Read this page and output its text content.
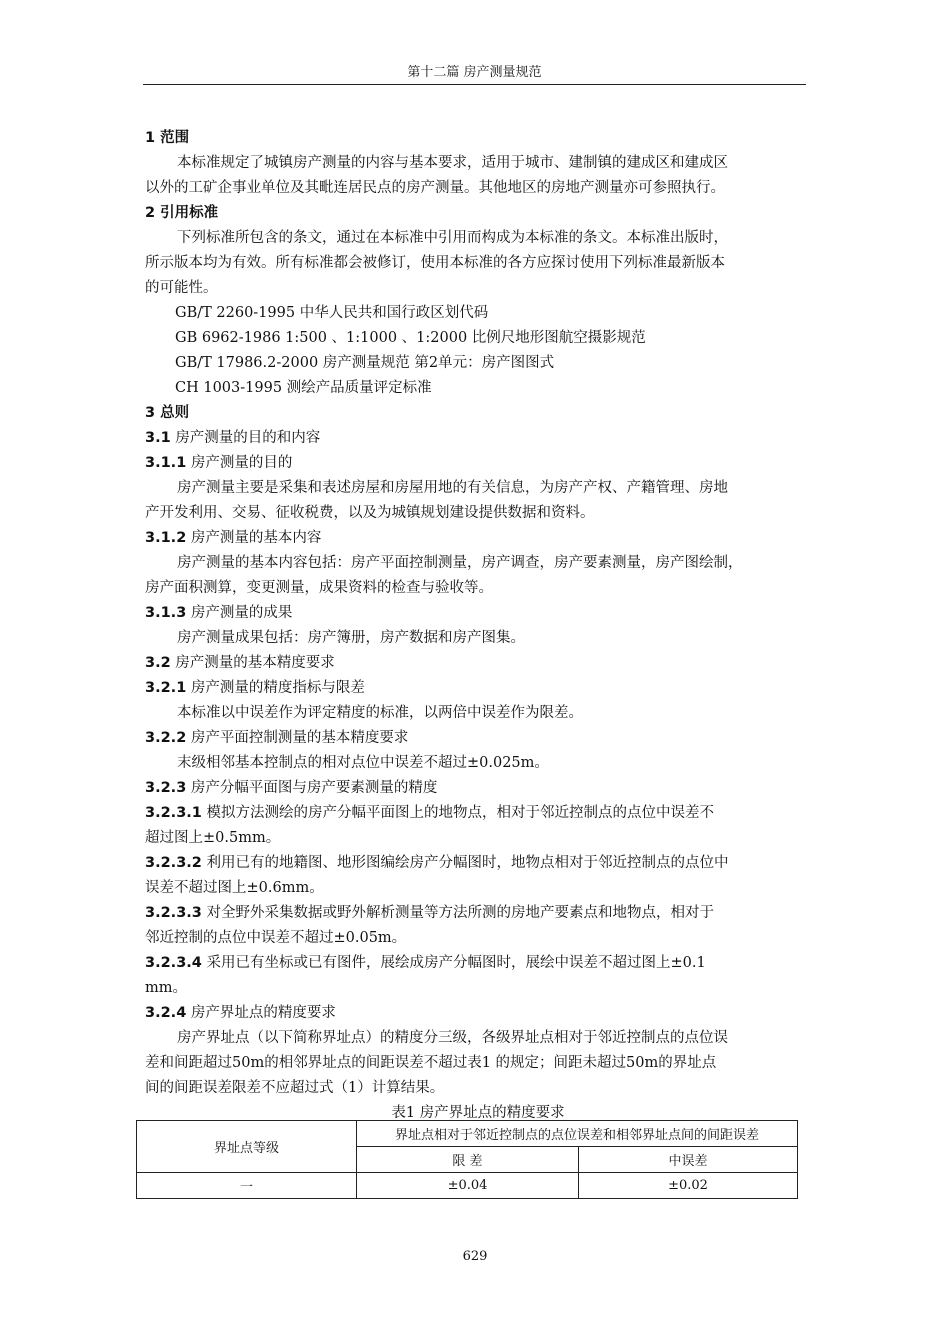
第十二篇 房产测量规范
1 范围
本标准规定了城镇房产测量的内容与基本要求，适用于城市、建制镇的建成区和建成区
以外的工矿企事业单位及其毗连居民点的房产测量。其他地区的房地产测量亦可参照执行。
2 引用标准
下列标准所包含的条文，通过在本标准中引用而构成为本标准的条文。本标准出版时，
所示版本均为有效。所有标准都会被修订，使用本标准的各方应探讨使用下列标准最新版本
的可能性。
GB/T 2260-1995 中华人民共和国行政区划代码
GB 6962-1986 1:500 、1:1000 、1:2000 比例尺地形图航空摄影规范
GB/T 17986.2-2000 房产测量规范 第2单元：房产图图式
CH 1003-1995 测绘产品质量评定标准
3 总则
3.1 房产测量的目的和内容
3.1.1 房产测量的目的
房产测量主要是采集和表述房屋和房屋用地的有关信息，为房产产权、产籍管理、房地
产开发利用、交易、征收税费，以及为城镇规划建设提供数据和资料。
3.1.2 房产测量的基本内容
房产测量的基本内容包括：房产平面控制测量，房产调查，房产要素测量，房产图绘制，
房产面积测算，变更测量，成果资料的检查与验收等。
3.1.3 房产测量的成果
房产测量成果包括：房产簿册，房产数据和房产图集。
3.2 房产测量的基本精度要求
3.2.1 房产测量的精度指标与限差
本标准以中误差作为评定精度的标准，以两倍中误差作为限差。
3.2.2 房产平面控制测量的基本精度要求
末级相邻基本控制点的相对点位中误差不超过±0.025m。
3.2.3 房产分幅平面图与房产要素测量的精度
3.2.3.1 模拟方法测绘的房产分幅平面图上的地物点，相对于邻近控制点的点位中误差不
超过图上±0.5mm。
3.2.3.2 利用已有的地籍图、地形图编绘房产分幅图时，地物点相对于邻近控制点的点位中
误差不超过图上±0.6mm。
3.2.3.3 对全野外采集数据或野外解析测量等方法所测的房地产要素点和地物点，相对于
邻近控制的点位中误差不超过±0.05m。
3.2.3.4 采用已有坐标或已有图件，展绘成房产分幅图时，展绘中误差不超过图上±0.1
mm。
3.2.4 房产界址点的精度要求
房产界址点（以下简称界址点）的精度分三级，各级界址点相对于邻近控制点的点位误
差和间距超过50m的相邻界址点的间距误差不超过表1 的规定；间距未超过50m的界址点
间的间距误差限差不应超过式（1）计算结果。
表1 房产界址点的精度要求
界址点等级	界址点相对于邻近控制点的点位误差和相邻界址点间的间距误差	
	限 差	中误差
一	±0.04	±0.02
629
